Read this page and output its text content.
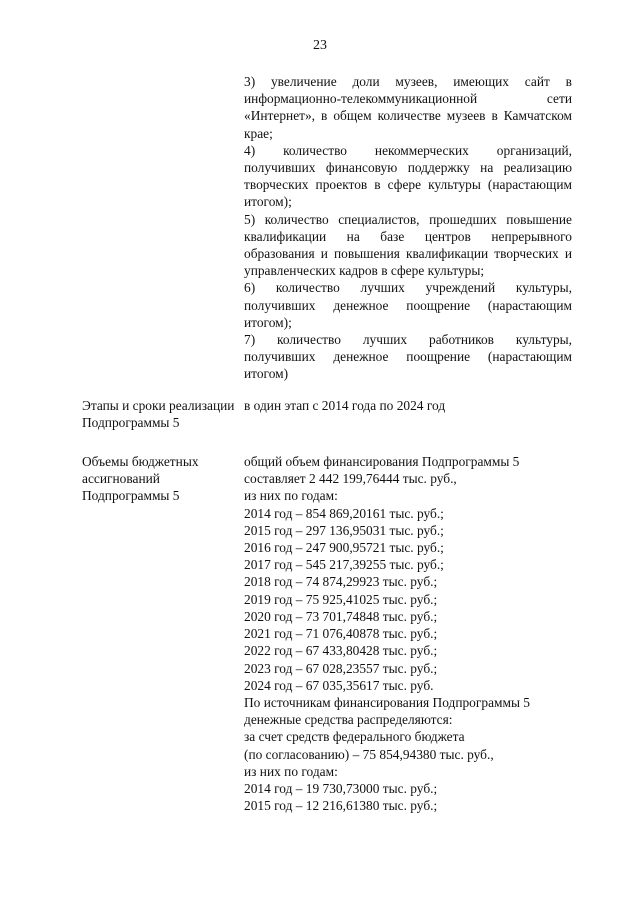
23

3) увеличение доли музеев, имеющих сайт в информационно-телекоммуникационной сети «Интернет», в общем количестве музеев в Камчатском крае;

4) количество некоммерческих организаций, получивших финансовую поддержку на реализацию творческих проектов в сфере культуры (нарастающим итогом);

5) количество специалистов, прошедших повышение квалификации на базе центров непрерывного образования и повышения квалификации творческих и управленческих кадров в сфере культуры;

6) количество лучших учреждений культуры, получивших денежное поощрение (нарастающим итогом);

7) количество лучших работников культуры, получивших денежное поощрение (нарастающим итогом)

Этапы и сроки реализации Подпрограммы 5
в один этап с 2014 года по 2024 год
Объемы бюджетных ассигнований Подпрограммы 5

общий объем финансирования Подпрограммы 5

составляет 2 442 199,76444 тыс. руб.,

из них по годам:

2014 год – 854 869,20161 тыс. руб.;

2015 год – 297 136,95031 тыс. руб.;

2016 год – 247 900,95721 тыс. руб.;

2017 год – 545 217,39255 тыс. руб.;

2018 год – 74 874,29923 тыс. руб.;

2019 год – 75 925,41025 тыс. руб.;

2020 год – 73 701,74848 тыс. руб.;

2021 год – 71 076,40878 тыс. руб.;

2022 год – 67 433,80428 тыс. руб.;

2023 год – 67 028,23557 тыс. руб.;

2024 год – 67 035,35617 тыс. руб.

По источникам финансирования Подпрограммы 5

денежные средства распределяются:

за счет средств федерального бюджета

(по согласованию) – 75 854,94380 тыс. руб.,

из них по годам:

2014 год – 19 730,73000 тыс. руб.;

2015 год – 12 216,61380 тыс. руб.;
